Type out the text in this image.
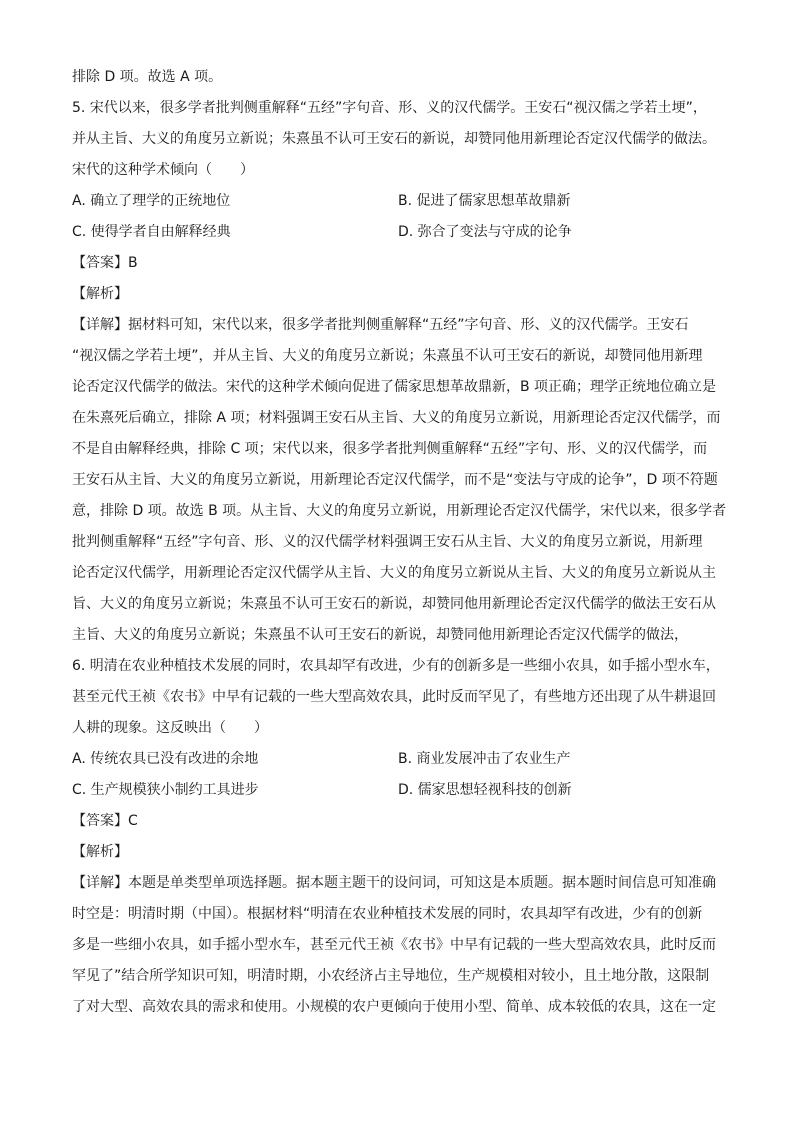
排除 D 项。故选 A 项。
5. 宋代以来，很多学者批判侧重解释“五经”字句音、形、义的汉代儒学。王安石“视汉儒之学若土埂”，
并从主旨、大义的角度另立新说；朱熹虽不认可王安石的新说，却赞同他用新理论否定汉代儒学的做法。
宋代的这种学术倾向（　　）
A. 确立了理学的正统地位	B. 促进了儒家思想革故鼎新
C. 使得学者自由解释经典	D. 弥合了变法与守成的论争
【答案】B
【解析】
【详解】据材料可知，宋代以来，很多学者批判侧重解释“五经”字句音、形、义的汉代儒学。王安石
“视汉儒之学若土埂”，并从主旨、大义的角度另立新说；朱熹虽不认可王安石的新说，却赞同他用新理
论否定汉代儒学的做法。宋代的这种学术倾向促进了儒家思想革故鼎新，B 项正确；理学正统地位确立是
在朱熹死后确立，排除 A 项；材料强调王安石从主旨、大义的角度另立新说，用新理论否定汉代儒学，而
不是自由解释经典，排除 C 项；宋代以来，很多学者批判侧重解释“五经”字句、形、义的汉代儒学，而
王安石从主旨、大义的角度另立新说，用新理论否定汉代儒学，而不是“变法与守成的论争”，D 项不符题
意，排除 D 项。故选 B 项。从主旨、大义的角度另立新说，用新理论否定汉代儒学，宋代以来，很多学者
批判侧重解释“五经”字句音、形、义的汉代儒学材料强调王安石从主旨、大义的角度另立新说，用新理
论否定汉代儒学，用新理论否定汉代儒学从主旨、大义的角度另立新说从主旨、大义的角度另立新说从主
旨、大义的角度另立新说；朱熹虽不认可王安石的新说，却赞同他用新理论否定汉代儒学的做法王安石从
主旨、大义的角度另立新说；朱熹虽不认可王安石的新说，却赞同他用新理论否定汉代儒学的做法，
6. 明清在农业种植技术发展的同时，农具却罕有改进，少有的创新多是一些细小农具，如手摇小型水车，
甚至元代王祯《农书》中早有记载的一些大型高效农具，此时反而罕见了，有些地方还出现了从牛耕退回
人耕的现象。这反映出（　　）
A. 传统农具已没有改进的余地	B. 商业发展冲击了农业生产
C. 生产规模狭小制约工具进步	D. 儒家思想轻视科技的创新
【答案】C
【解析】
【详解】本题是单类型单项选择题。据本题主题干的设问词，可知这是本质题。据本题时间信息可知准确
时空是：明清时期（中国）。根据材料“明清在农业种植技术发展的同时，农具却罕有改进，少有的创新
多是一些细小农具，如手摇小型水车，甚至元代王祯《农书》中早有记载的一些大型高效农具，此时反而
罕见了”结合所学知识可知，明清时期，小农经济占主导地位，生产规模相对较小，且土地分散，这限制
了对大型、高效农具的需求和使用。小规模的农户更倾向于使用小型、简单、成本较低的农具，这在一定
